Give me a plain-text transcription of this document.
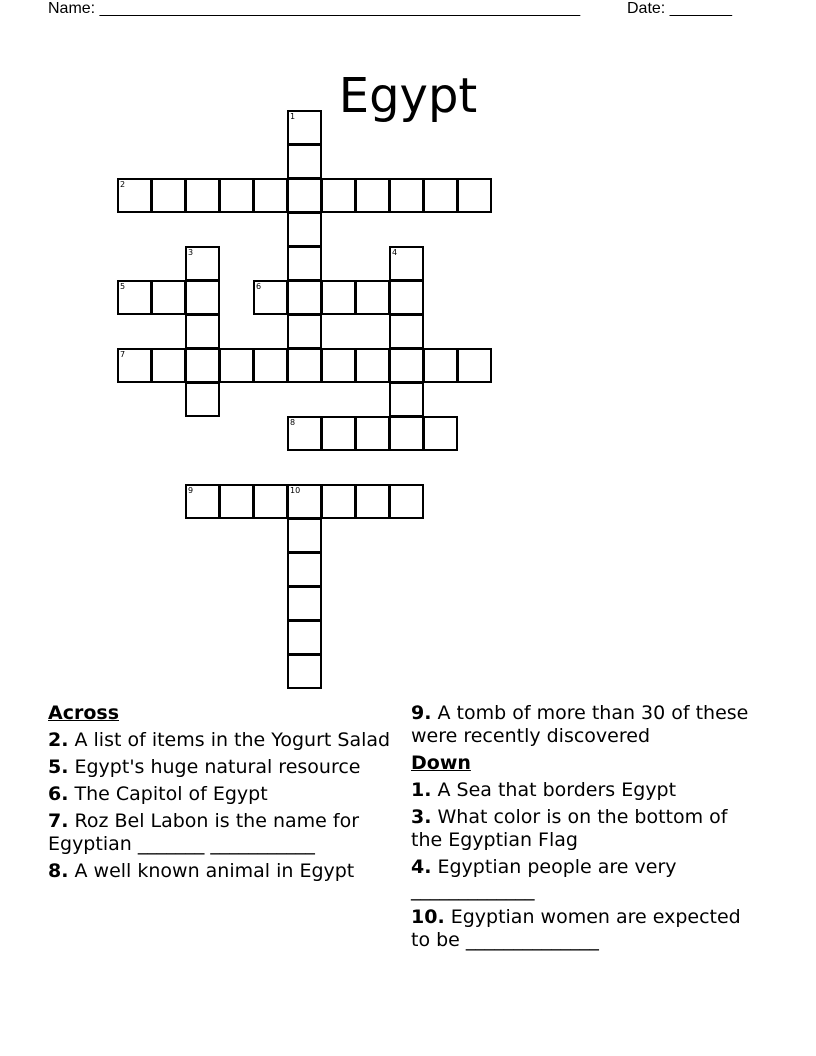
Name: ______________________________________________________	Date: _______
Egypt
1
2
3	4
5	6
7
8
9	10
Across
2. A list of items in the Yogurt Salad
5. Egypt's huge natural resource
6. The Capitol of Egypt
7. Roz Bel Labon is the name for Egyptian _______ ___________
8. A well known animal in Egypt
9. A tomb of more than 30 of these were recently discovered
Down
1. A Sea that borders Egypt
3. What color is on the bottom of the Egyptian Flag
4. Egyptian people are very _____________
10. Egyptian women are expected to be ______________
